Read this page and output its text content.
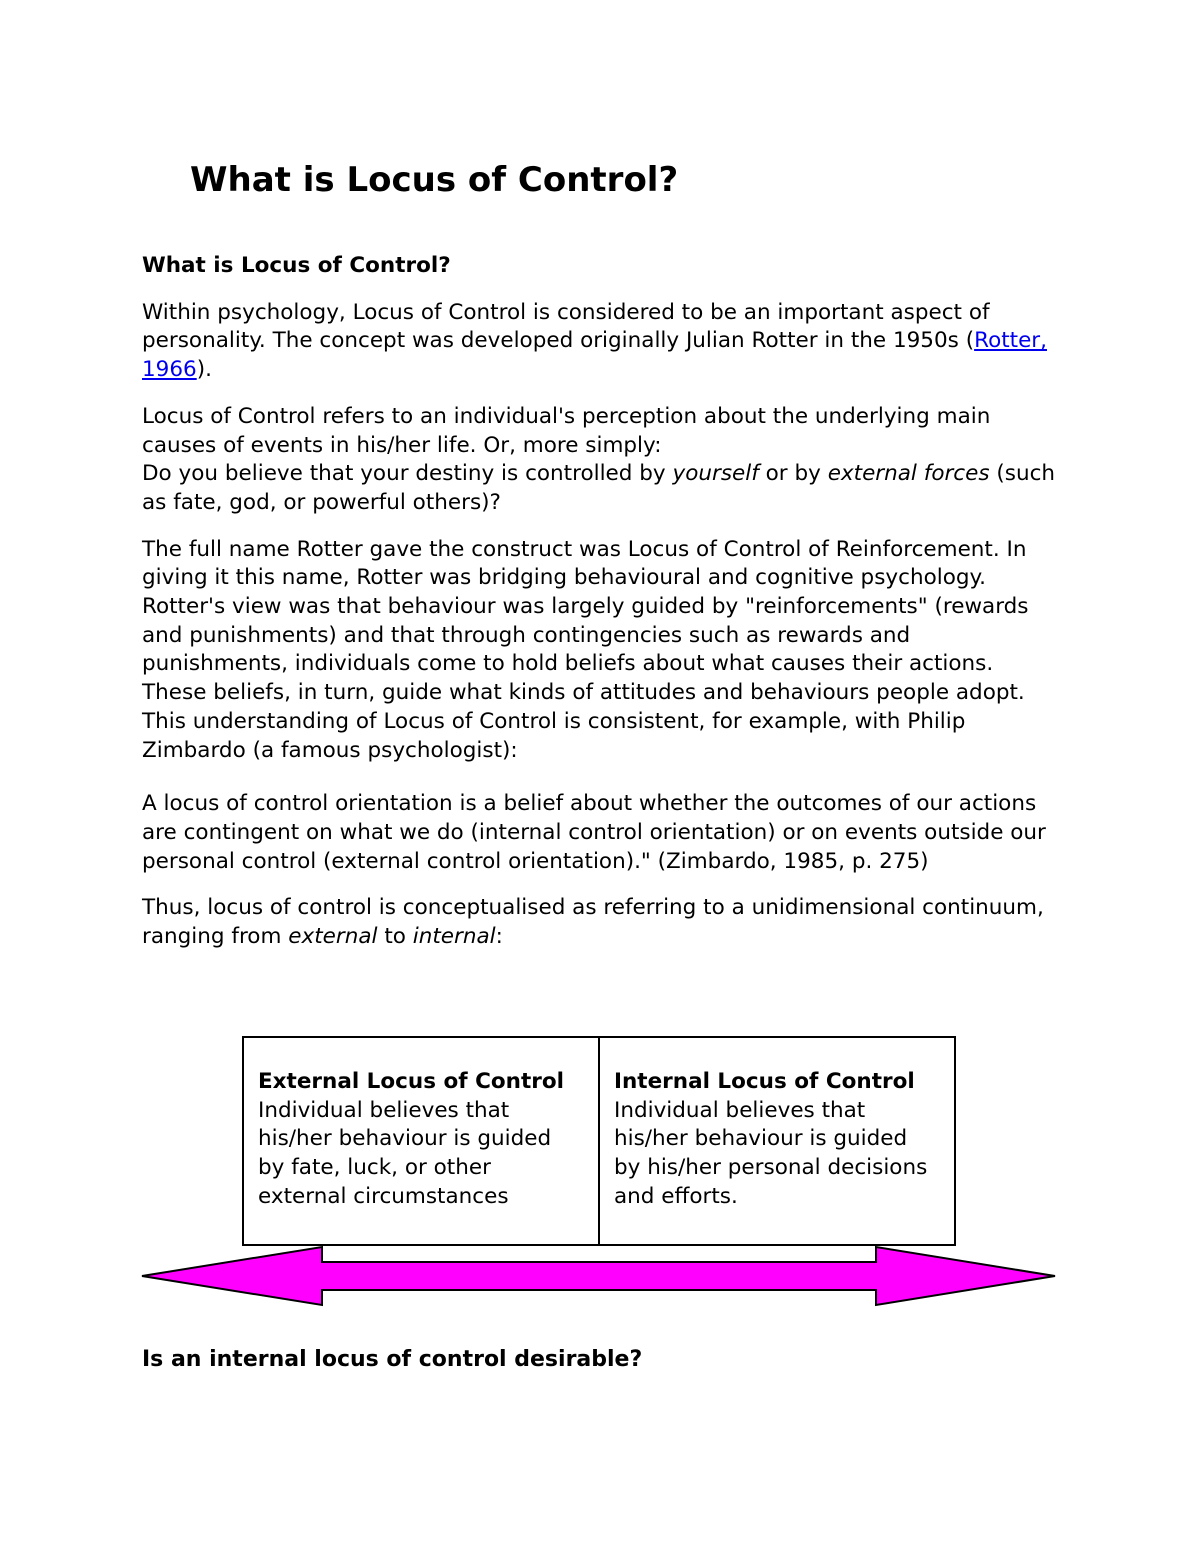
What is Locus of Control?

What is Locus of Control?

Within psychology, Locus of Control is considered to be an important aspect of personality. The concept was developed originally Julian Rotter in the 1950s (Rotter, 1966).

Locus of Control refers to an individual's perception about the underlying main causes of events in his/her life. Or, more simply:
Do you believe that your destiny is controlled by yourself or by external forces (such as fate, god, or powerful others)?

The full name Rotter gave the construct was Locus of Control of Reinforcement. In giving it this name, Rotter was bridging behavioural and cognitive psychology. Rotter's view was that behaviour was largely guided by "reinforcements" (rewards and punishments) and that through contingencies such as rewards and punishments, individuals come to hold beliefs about what causes their actions. These beliefs, in turn, guide what kinds of attitudes and behaviours people adopt. This understanding of Locus of Control is consistent, for example, with Philip Zimbardo (a famous psychologist):

A locus of control orientation is a belief about whether the outcomes of our actions are contingent on what we do (internal control orientation) or on events outside our personal control (external control orientation)." (Zimbardo, 1985, p. 275)

Thus, locus of control is conceptualised as referring to a unidimensional continuum, ranging from external to internal:

External Locus of Control
Individual believes that his/her behaviour is guided by fate, luck, or other external circumstances
Internal Locus of Control
Individual believes that his/her behaviour is guided by his/her personal decisions and efforts.

Is an internal locus of control desirable?
